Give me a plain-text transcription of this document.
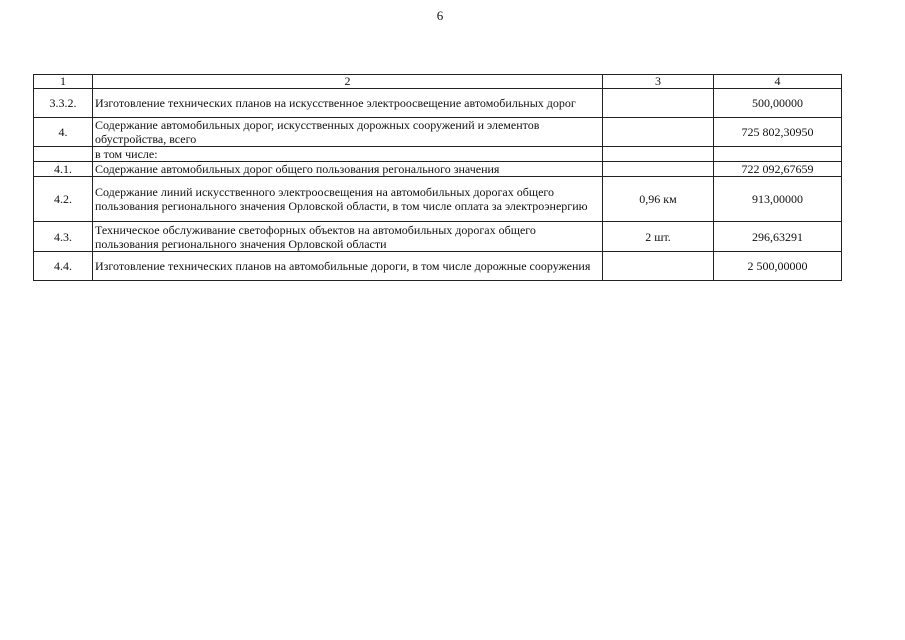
6
1	2	3	4
3.3.2.	Изготовление технических планов на искусственное электроосвещение автомобильных дорог		500,00000
4.	Содержание автомобильных дорог, искусственных дорожных сооружений и элементов обустройства, всего		725 802,30950
	в том числе:		
4.1.	Содержание автомобильных дорог общего пользования регонального значения		722 092,67659
4.2.	Содержание линий искусственного электроосвещения на автомобильных дорогах общего пользования регионального значения Орловской области, в том числе оплата за электроэнергию	0,96 км	913,00000
4.3.	Техническое обслуживание светофорных объектов на автомобильных дорогах общего пользования регионального значения Орловской области	2 шт.	296,63291
4.4.	Изготовление технических планов на автомобильные дороги, в том числе дорожные сооружения		2 500,00000
